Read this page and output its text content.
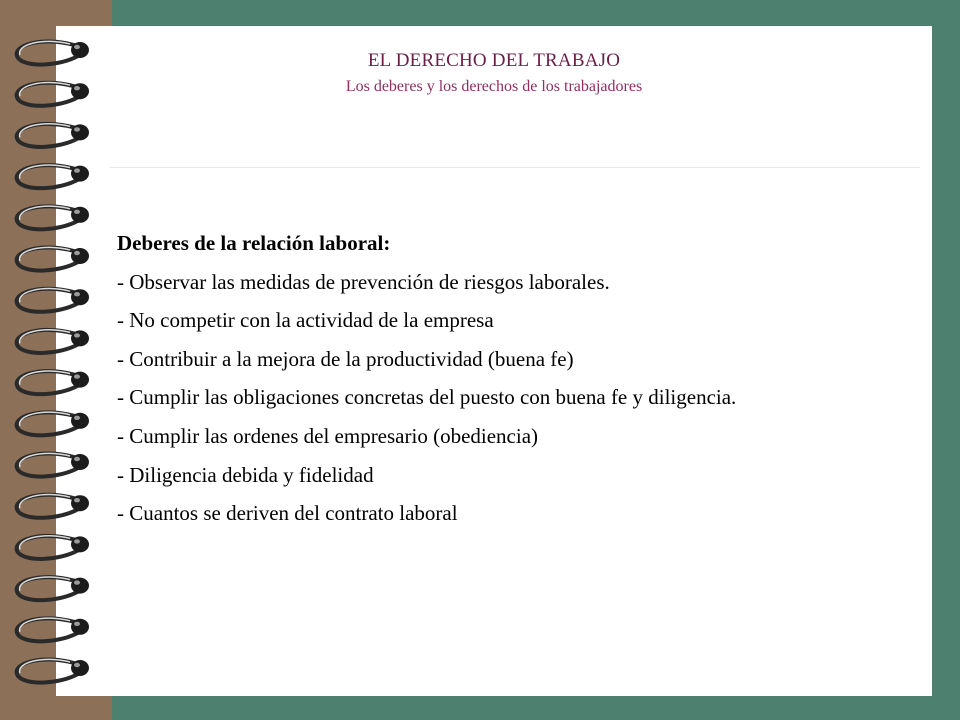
EL DERECHO DEL TRABAJO
Los deberes y los derechos de los trabajadores
Deberes de la relación laboral:
- Observar las medidas de prevención de riesgos laborales.
- No competir con la actividad de la empresa
- Contribuir a la mejora de la productividad (buena fe)
- Cumplir las obligaciones concretas del puesto con buena fe y diligencia.
- Cumplir las ordenes del empresario (obediencia)
- Diligencia debida y fidelidad
- Cuantos se deriven del contrato laboral
